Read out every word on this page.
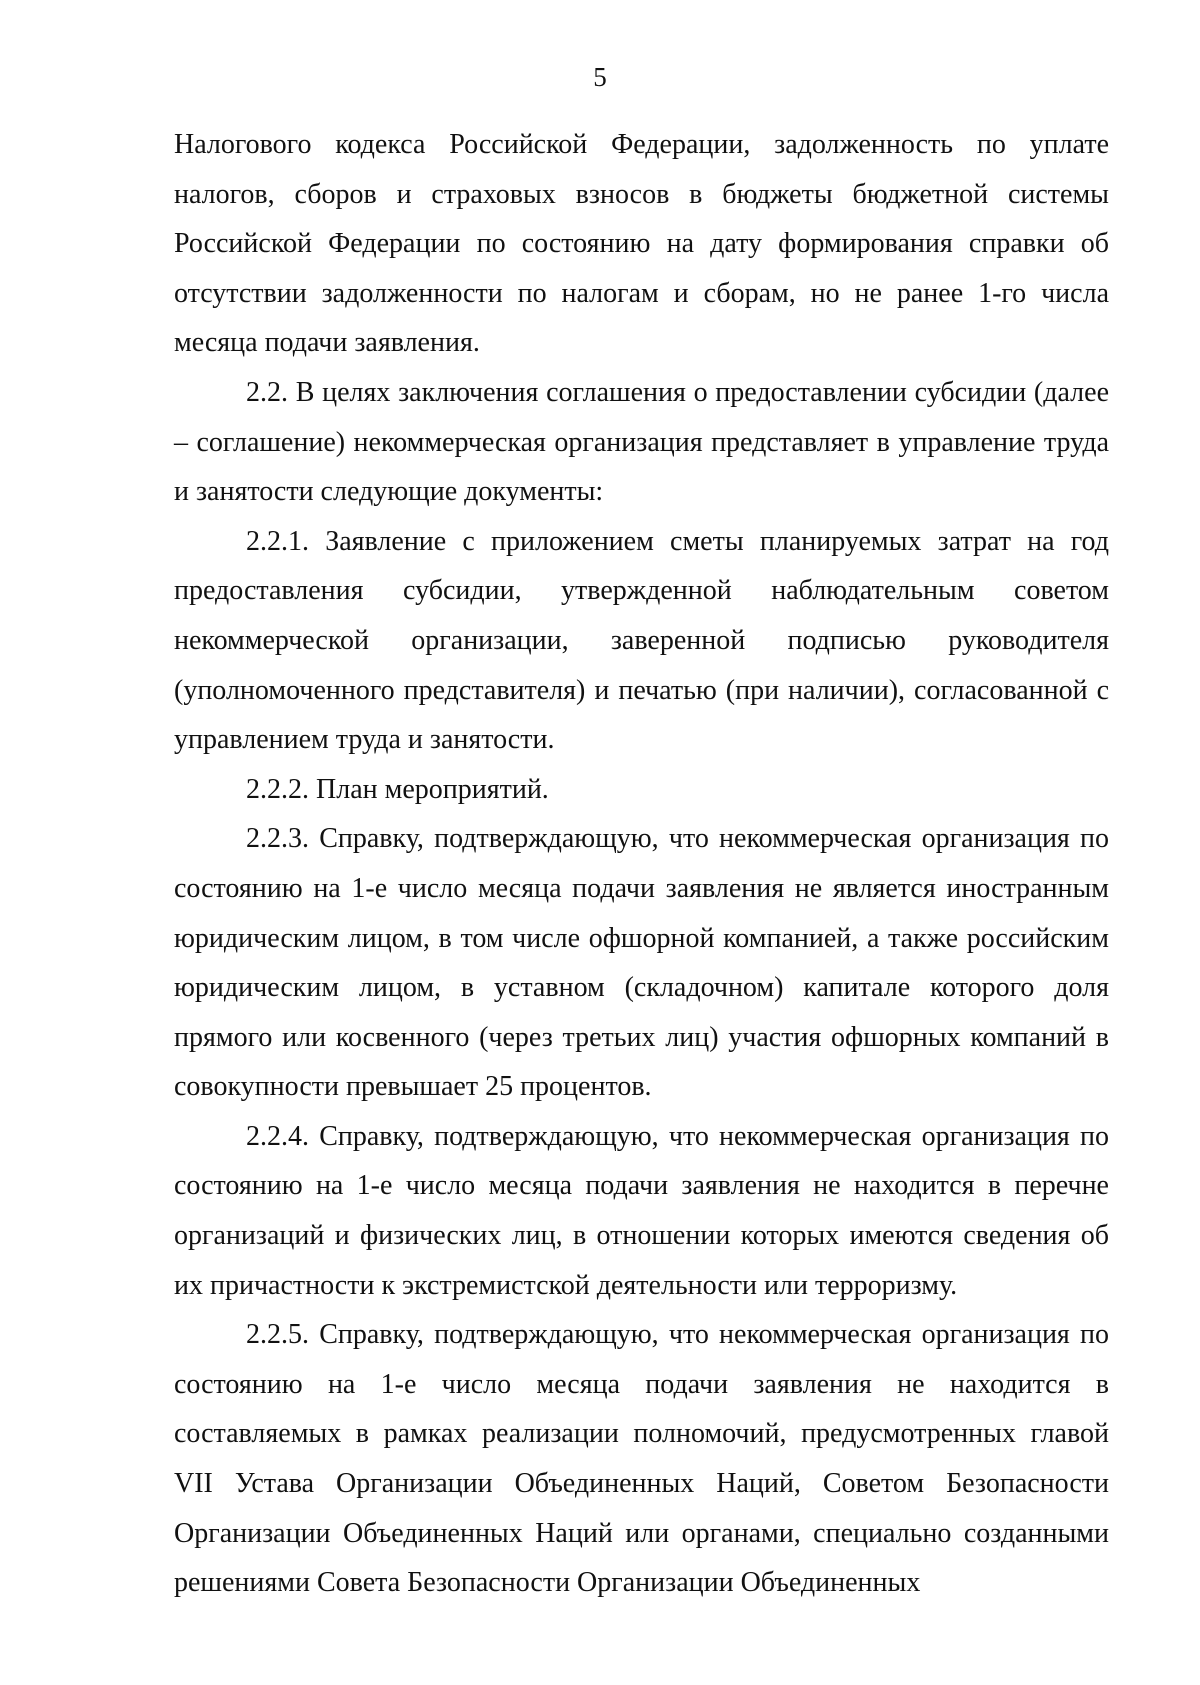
5

Налогового кодекса Российской Федерации, задолженность по уплате налогов, сборов и страховых взносов в бюджеты бюджетной системы Российской Федерации по состоянию на дату формирования справки об отсутствии задолженности по налогам и сборам, но не ранее 1-го числа месяца подачи заявления.

2.2. В целях заключения соглашения о предоставлении субсидии (далее – соглашение) некоммерческая организация представляет в управление труда и занятости следующие документы:

2.2.1. Заявление с приложением сметы планируемых затрат на год предоставления субсидии, утвержденной наблюдательным советом некоммерческой организации, заверенной подписью руководителя (уполномоченного представителя) и печатью (при наличии), согласованной с управлением труда и занятости.

2.2.2. План мероприятий.

2.2.3. Справку, подтверждающую, что некоммерческая организация по состоянию на 1-е число месяца подачи заявления не является иностранным юридическим лицом, в том числе офшорной компанией, а также российским юридическим лицом, в уставном (складочном) капитале которого доля прямого или косвенного (через третьих лиц) участия офшорных компаний в совокупности превышает 25 процентов.

2.2.4. Справку, подтверждающую, что некоммерческая организация по состоянию на 1-е число месяца подачи заявления не находится в перечне организаций и физических лиц, в отношении которых имеются сведения об их причастности к экстремистской деятельности или терроризму.

2.2.5. Справку, подтверждающую, что некоммерческая организация по состоянию на 1-е число месяца подачи заявления не находится в составляемых в рамках реализации полномочий, предусмотренных главой VII Устава Организации Объединенных Наций, Советом Безопасности Организации Объединенных Наций или органами, специально созданными решениями Совета Безопасности Организации Объединенных
